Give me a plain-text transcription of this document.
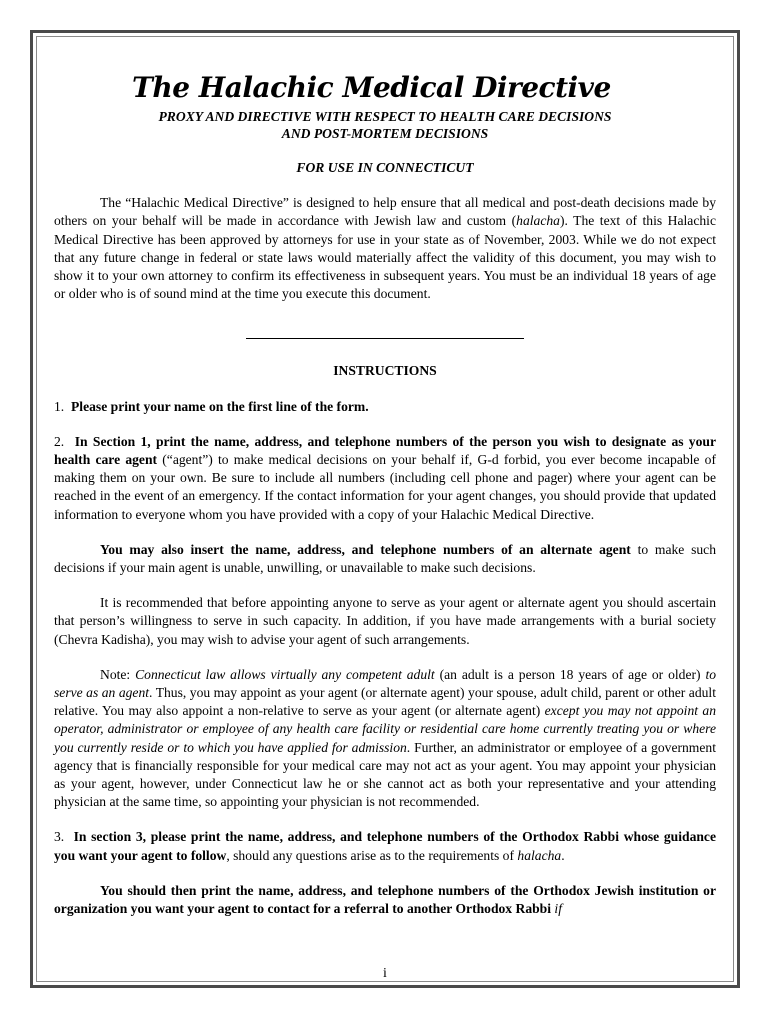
The Halachic Medical Directive
PROXY AND DIRECTIVE WITH RESPECT TO HEALTH CARE DECISIONS
AND POST-MORTEM DECISIONS
FOR USE IN CONNECTICUT

The “Halachic Medical Directive” is designed to help ensure that all medical and post-death decisions made by others on your behalf will be made in accordance with Jewish law and custom (halacha). The text of this Halachic Medical Directive has been approved by attorneys for use in your state as of November, 2003. While we do not expect that any future change in federal or state laws would materially affect the validity of this document, you may wish to show it to your own attorney to confirm its effectiveness in subsequent years. You must be an individual 18 years of age or older who is of sound mind at the time you execute this document.

INSTRUCTIONS

1. Please print your name on the first line of the form.

2. In Section 1, print the name, address, and telephone numbers of the person you wish to designate as your health care agent (“agent”) to make medical decisions on your behalf if, G-d forbid, you ever become incapable of making them on your own. Be sure to include all numbers (including cell phone and pager) where your agent can be reached in the event of an emergency. If the contact information for your agent changes, you should provide that updated information to everyone whom you have provided with a copy of your Halachic Medical Directive.

You may also insert the name, address, and telephone numbers of an alternate agent to make such decisions if your main agent is unable, unwilling, or unavailable to make such decisions.

It is recommended that before appointing anyone to serve as your agent or alternate agent you should ascertain that person’s willingness to serve in such capacity. In addition, if you have made arrangements with a burial society (Chevra Kadisha), you may wish to advise your agent of such arrangements.

Note: Connecticut law allows virtually any competent adult (an adult is a person 18 years of age or older) to serve as an agent. Thus, you may appoint as your agent (or alternate agent) your spouse, adult child, parent or other adult relative. You may also appoint a non-relative to serve as your agent (or alternate agent) except you may not appoint an operator, administrator or employee of any health care facility or residential care home currently treating you or where you currently reside or to which you have applied for admission. Further, an administrator or employee of a government agency that is financially responsible for your medical care may not act as your agent. You may appoint your physician as your agent, however, under Connecticut law he or she cannot act as both your representative and your attending physician at the same time, so appointing your physician is not recommended.

3. In section 3, please print the name, address, and telephone numbers of the Orthodox Rabbi whose guidance you want your agent to follow, should any questions arise as to the requirements of halacha.

You should then print the name, address, and telephone numbers of the Orthodox Jewish institution or organization you want your agent to contact for a referral to another Orthodox Rabbi if

i
